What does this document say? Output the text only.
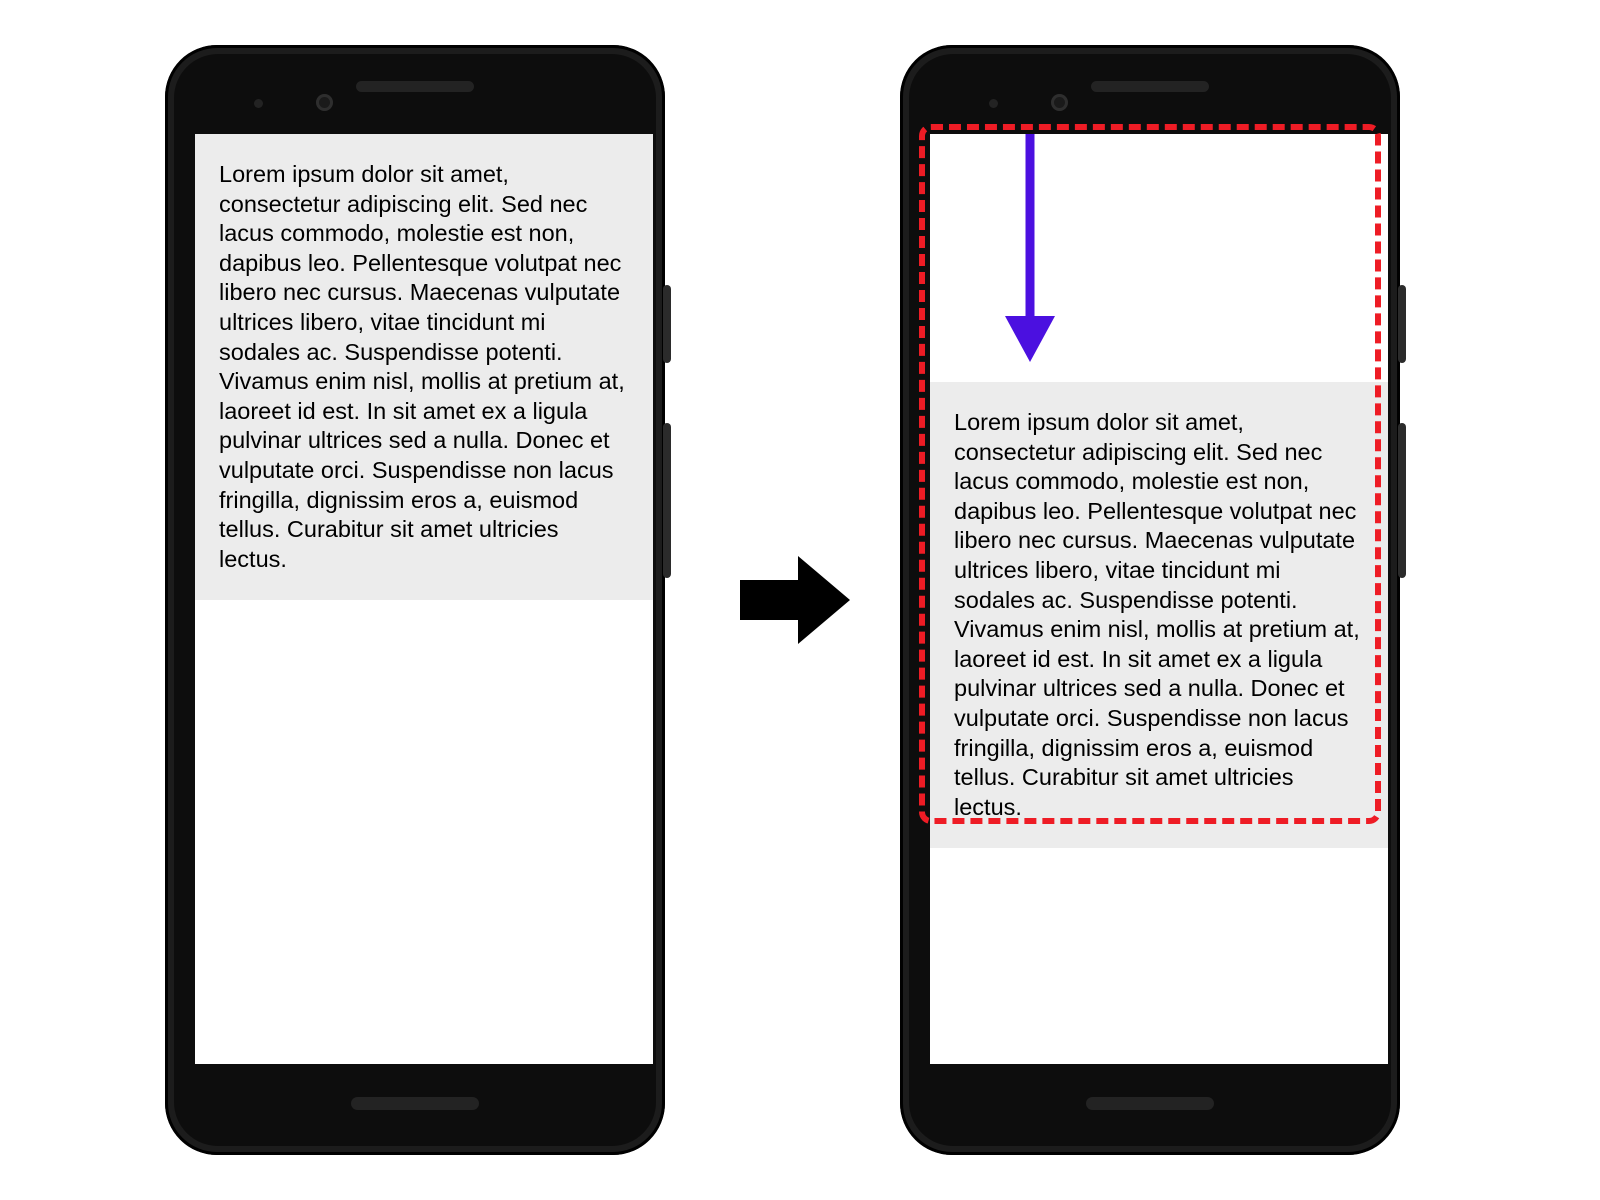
Lorem ipsum dolor sit amet, consectetur adipiscing elit. Sed nec lacus commodo, molestie est non, dapibus leo. Pellentesque volutpat nec libero nec cursus. Maecenas vulputate ultrices libero, vitae tincidunt mi sodales ac. Suspendisse potenti. Vivamus enim nisl, mollis at pretium at, laoreet id est. In sit amet ex a ligula pulvinar ultrices sed a nulla. Donec et vulputate orci. Suspendisse non lacus fringilla, dignissim eros a, euismod tellus. Curabitur sit amet ultricies lectus.

Lorem ipsum dolor sit amet, consectetur adipiscing elit. Sed nec lacus commodo, molestie est non, dapibus leo. Pellentesque volutpat nec libero nec cursus. Maecenas vulputate ultrices libero, vitae tincidunt mi sodales ac. Suspendisse potenti. Vivamus enim nisl, mollis at pretium at, laoreet id est. In sit amet ex a ligula pulvinar ultrices sed a nulla. Donec et vulputate orci. Suspendisse non lacus fringilla, dignissim eros a, euismod tellus. Curabitur sit amet ultricies lectus.
